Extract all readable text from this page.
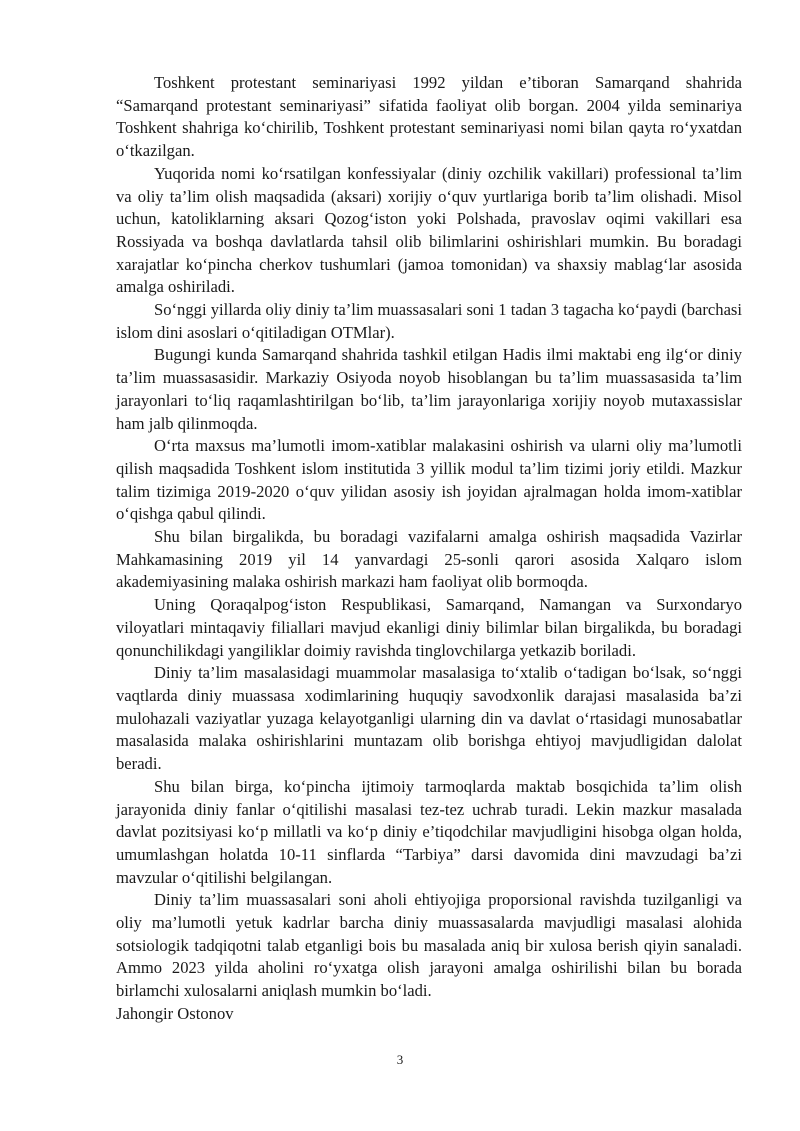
Toshkent protestant seminariyasi 1992 yildan e’tiboran Samarqand shahrida “Samarqand protestant seminariyasi” sifatida faoliyat olib borgan. 2004 yilda seminariya Toshkent shahriga ko‘chirilib, Toshkent protestant seminariyasi nomi bilan qayta ro‘yxatdan o‘tkazilgan.

Yuqorida nomi ko‘rsatilgan konfessiyalar (diniy ozchilik vakillari) professional ta’lim va oliy ta’lim olish maqsadida (aksari) xorijiy o‘quv yurtlariga borib ta’lim olishadi. Misol uchun, katoliklarning aksari Qozog‘iston yoki Polshada, pravoslav oqimi vakillari esa Rossiyada va boshqa davlatlarda tahsil olib bilimlarini oshirishlari mumkin. Bu boradagi xarajatlar ko‘pincha cherkov tushumlari (jamoa tomonidan) va shaxsiy mablag‘lar asosida amalga oshiriladi.

So‘nggi yillarda oliy diniy ta’lim muassasalari soni 1 tadan 3 tagacha ko‘paydi (barchasi islom dini asoslari o‘qitiladigan OTMlar).

Bugungi kunda Samarqand shahrida tashkil etilgan Hadis ilmi maktabi eng ilg‘or diniy ta’lim muassasasidir. Markaziy Osiyoda noyob hisoblangan bu ta’lim muassasasida ta’lim jarayonlari to‘liq raqamlashtirilgan bo‘lib, ta’lim jarayonlariga xorijiy noyob mutaxassislar ham jalb qilinmoqda.

O‘rta maxsus ma’lumotli imom-xatiblar malakasini oshirish va ularni oliy ma’lumotli qilish maqsadida Toshkent islom institutida 3 yillik modul ta’lim tizimi joriy etildi. Mazkur talim tizimiga 2019-2020 o‘quv yilidan asosiy ish joyidan ajralmagan holda imom-xatiblar o‘qishga qabul qilindi.

Shu bilan birgalikda, bu boradagi vazifalarni amalga oshirish maqsadida Vazirlar Mahkamasining 2019 yil 14 yanvardagi 25-sonli qarori asosida Xalqaro islom akademiyasining malaka oshirish markazi ham faoliyat olib bormoqda.

Uning Qoraqalpog‘iston Respublikasi, Samarqand, Namangan va Surxondaryo viloyatlari mintaqaviy filiallari mavjud ekanligi diniy bilimlar bilan birgalikda, bu boradagi qonunchilikdagi yangiliklar doimiy ravishda tinglovchilarga yetkazib boriladi.

Diniy ta’lim masalasidagi muammolar masalasiga to‘xtalib o‘tadigan bo‘lsak, so‘nggi vaqtlarda diniy muassasa xodimlarining huquqiy savodxonlik darajasi masalasida ba’zi mulohazali vaziyatlar yuzaga kelayotganligi ularning din va davlat o‘rtasidagi munosabatlar masalasida malaka oshirishlarini muntazam olib borishga ehtiyoj mavjudligidan dalolat beradi.

Shu bilan birga, ko‘pincha ijtimoiy tarmoqlarda maktab bosqichida ta’lim olish jarayonida diniy fanlar o‘qitilishi masalasi tez-tez uchrab turadi. Lekin mazkur masalada davlat pozitsiyasi ko‘p millatli va ko‘p diniy e’tiqodchilar mavjudligini hisobga olgan holda, umumlashgan holatda 10-11 sinflarda “Tarbiya” darsi davomida dini mavzudagi ba’zi mavzular o‘qitilishi belgilangan.

Diniy ta’lim muassasalari soni aholi ehtiyojiga proporsional ravishda tuzilganligi va oliy ma’lumotli yetuk kadrlar barcha diniy muassasalarda mavjudligi masalasi alohida sotsiologik tadqiqotni talab etganligi bois bu masalada aniq bir xulosa berish qiyin sanaladi. Ammo 2023 yilda aholini ro‘yxatga olish jarayoni amalga oshirilishi bilan bu borada birlamchi xulosalarni aniqlash mumkin bo‘ladi.

Jahongir Ostonov

3
